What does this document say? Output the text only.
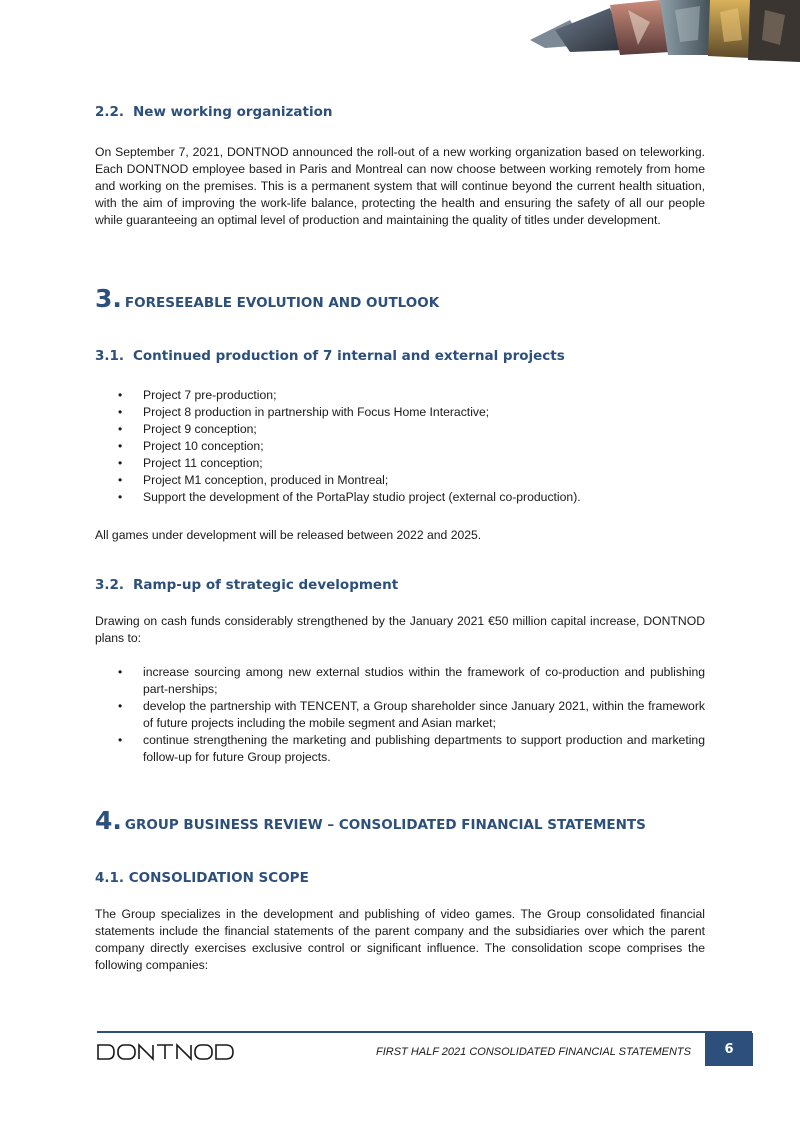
2.2. New working organization

On September 7, 2021, DONTNOD announced the roll-out of a new working organization based on teleworking. Each DONTNOD employee based in Paris and Montreal can now choose between working remotely from home and working on the premises. This is a permanent system that will continue beyond the current health situation, with the aim of improving the work-life balance, protecting the health and ensuring the safety of all our people while guaranteeing an optimal level of production and maintaining the quality of titles under development.

3. FORESEEABLE EVOLUTION AND OUTLOOK
3.1. Continued production of 7 internal and external projects
• Project 7 pre-production;
• Project 8 production in partnership with Focus Home Interactive;
• Project 9 conception;
• Project 10 conception;
• Project 11 conception;
• Project M1 conception, produced in Montreal;
• Support the development of the PortaPlay studio project (external co-production).

All games under development will be released between 2022 and 2025.

3.2. Ramp-up of strategic development

Drawing on cash funds considerably strengthened by the January 2021 €50 million capital increase, DONTNOD plans to:

• increase sourcing among new external studios within the framework of co-production and publishing part-nerships;
• develop the partnership with TENCENT, a Group shareholder since January 2021, within the framework of future projects including the mobile segment and Asian market;
• continue strengthening the marketing and publishing departments to support production and marketing follow-up for future Group projects.
4. GROUP BUSINESS REVIEW – CONSOLIDATED FINANCIAL STATEMENTS
4.1. CONSOLIDATION SCOPE

The Group specializes in the development and publishing of video games. The Group consolidated financial statements include the financial statements of the parent company and the subsidiaries over which the parent company directly exercises exclusive control or significant influence. The consolidation scope comprises the following companies:

FIRST HALF 2021 CONSOLIDATED FINANCIAL STATEMENTS	6
